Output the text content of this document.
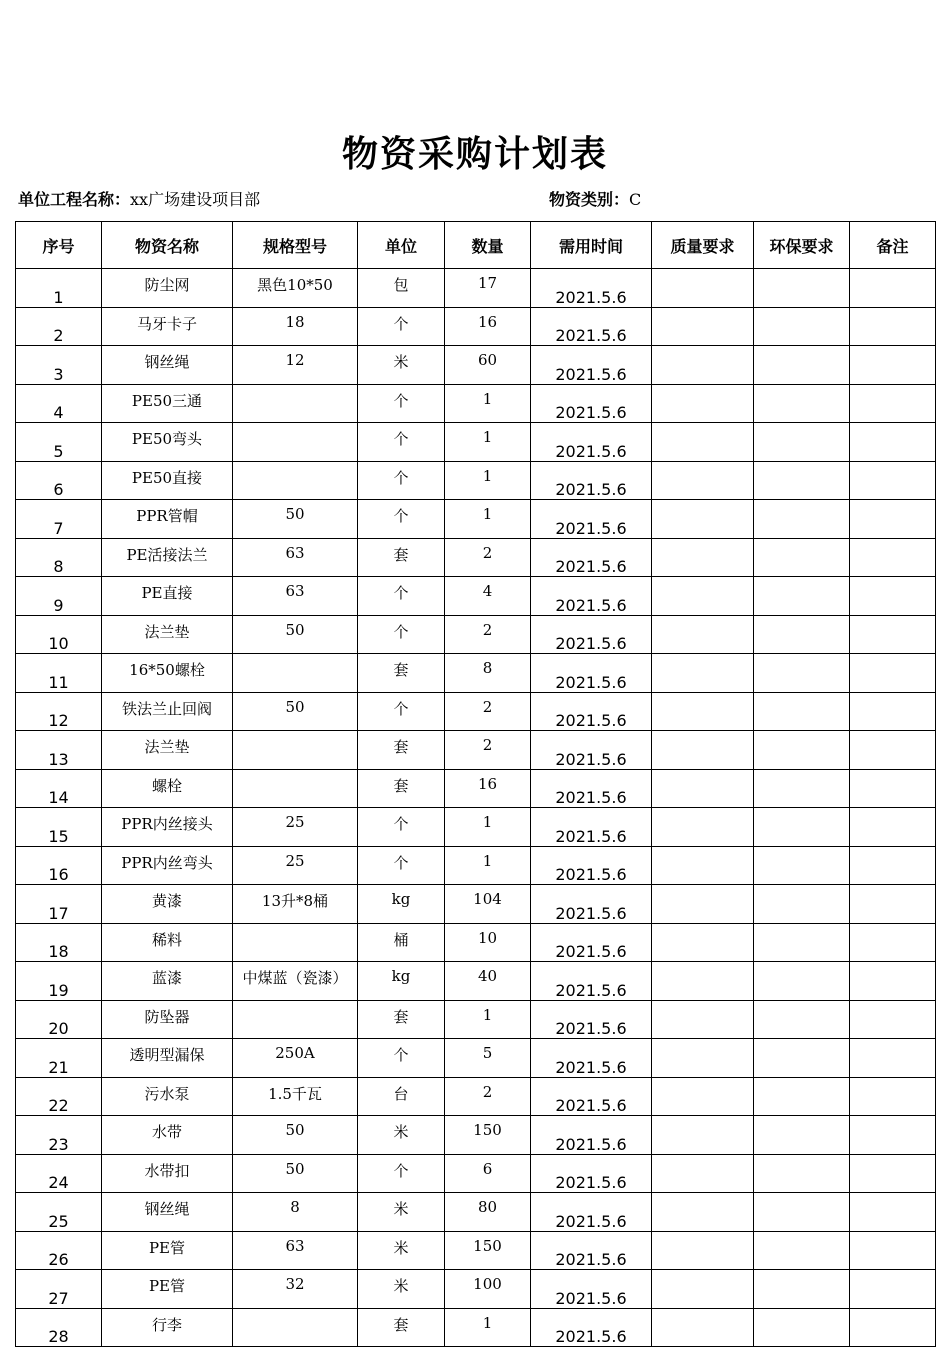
物资采购计划表
单位工程名称：xx广场建设项目部	物资类别：C
序号	物资名称	规格型号	单位	数量	需用时间	质量要求	环保要求	备注
1	防尘网	黑色10*50	包	17	2021.5.6			
2	马牙卡子	18	个	16	2021.5.6			
3	钢丝绳	12	米	60	2021.5.6			
4	PE50三通		个	1	2021.5.6			
5	PE50弯头		个	1	2021.5.6			
6	PE50直接		个	1	2021.5.6			
7	PPR管帽	50	个	1	2021.5.6			
8	PE活接法兰	63	套	2	2021.5.6			
9	PE直接	63	个	4	2021.5.6			
10	法兰垫	50	个	2	2021.5.6			
11	16*50螺栓		套	8	2021.5.6			
12	铁法兰止回阀	50	个	2	2021.5.6			
13	法兰垫		套	2	2021.5.6			
14	螺栓		套	16	2021.5.6			
15	PPR内丝接头	25	个	1	2021.5.6			
16	PPR内丝弯头	25	个	1	2021.5.6			
17	黄漆	13升*8桶	kg	104	2021.5.6			
18	稀料		桶	10	2021.5.6			
19	蓝漆	中煤蓝（瓷漆）	kg	40	2021.5.6			
20	防坠器		套	1	2021.5.6			
21	透明型漏保	250A	个	5	2021.5.6			
22	污水泵	1.5千瓦	台	2	2021.5.6			
23	水带	50	米	150	2021.5.6			
24	水带扣	50	个	6	2021.5.6			
25	钢丝绳	8	米	80	2021.5.6			
26	PE管	63	米	150	2021.5.6			
27	PE管	32	米	100	2021.5.6			
28	行李		套	1	2021.5.6			
